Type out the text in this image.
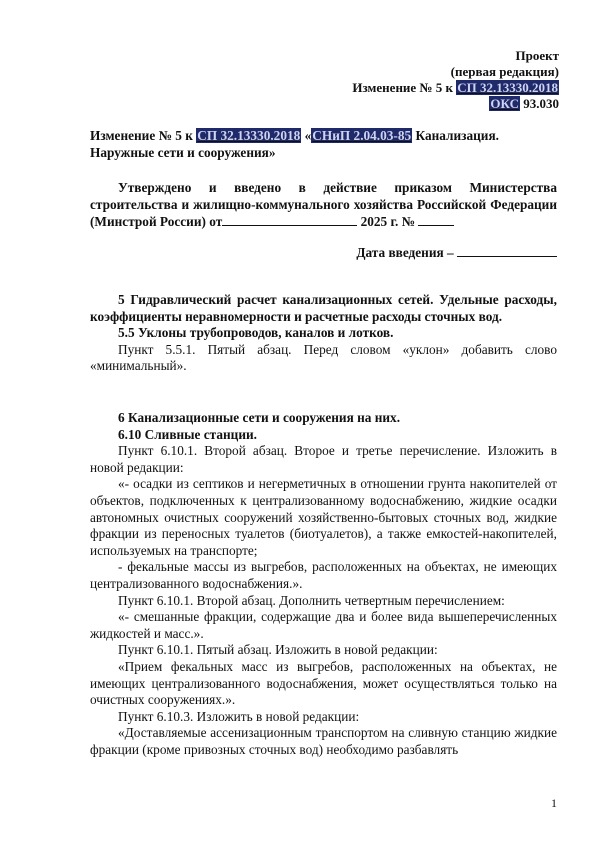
Проект
(первая редакция)
Изменение № 5 к СП 32.13330.2018
ОКС 93.030
Изменение № 5 к СП 32.13330.2018 «СНиП 2.04.03-85 Канализация. Наружные сети и сооружения»
Утверждено и введено в действие приказом Министерства строительства и жилищно-коммунального хозяйства Российской Федерации (Минстрой России) от	2025 г. №
Дата введения –

5 Гидравлический расчет канализационных сетей. Удельные расходы, коэффициенты неравномерности и расчетные расходы сточных вод.

5.5 Уклоны трубопроводов, каналов и лотков.

Пункт 5.5.1. Пятый абзац. Перед словом «уклон» добавить слово «минимальный».

6 Канализационные сети и сооружения на них.

6.10 Сливные станции.

Пункт 6.10.1. Второй абзац. Второе и третье перечисление. Изложить в новой редакции:

«- осадки из септиков и негерметичных в отношении грунта накопителей от объектов, подключенных к централизованному водоснабжению, жидкие осадки автономных очистных сооружений хозяйственно-бытовых сточных вод, жидкие фракции из переносных туалетов (биотуалетов), а также емкостей-накопителей, используемых на транспорте;

- фекальные массы из выгребов, расположенных на объектах, не имеющих централизованного водоснабжения.».

Пункт 6.10.1. Второй абзац. Дополнить четвертным перечислением:

«- смешанные фракции, содержащие два и более вида вышеперечисленных жидкостей и масс.».

Пункт 6.10.1. Пятый абзац. Изложить в новой редакции:

«Прием фекальных масс из выгребов, расположенных на объектах, не имеющих централизованного водоснабжения, может осуществляться только на очистных сооружениях.».

Пункт 6.10.3. Изложить в новой редакции:

«Доставляемые ассенизационным транспортом на сливную станцию жидкие фракции (кроме привозных сточных вод) необходимо разбавлять

1
